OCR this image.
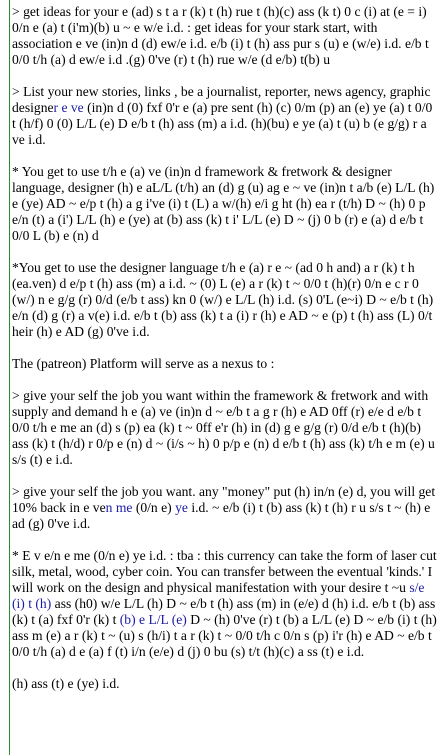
> get ideas for your e (ad) s t a r (k) t (h) rue t (h)(c) ass (k t) 0 c (i) at (e = i) 0/n e (a) t (i'm)(b) u ~ e w/e i.d. : get ideas for your stark start, with association e ve (in)n d (d) ew/e i.d. e/b (i) t (h) ass pur s (u) e (w/e) i.d. e/b t 0/0 t/h (a) d ew/e i.d .(g) 0've (r) t (h) rue w/e (d e/b) t(b) u

> List your new stories, links , be a journalist, reporter, news agency, graphic designer e ve (in)n d (0) fxf 0'r e (a) pre sent (h) (c) 0/m (p) an (e) ye (a) t 0/0 t (h/f) 0 (0) L/L (e) D e/b t (h) ass (m) a i.d. (h)(bu) e ye (a) t (u) b (e g/g) r a ve i.d.

* You get to use t/h e (a) ve (in)n d framework & fretwork & designer language, designer (h) e aL/L (t/h) an (d) g (u) ag e ~ ve (in)n t a/b (e) L/L (h) e (ye) AD ~ e/p t (h) a g i've (i) t (L) a w/(h) e/i g ht (h) ea r (t/h) D ~ (h) 0 p e/n (t) a (i') L/L (h) e (ye) at (b) ass (k) t i' L/L (e) D ~ (j) 0 b (r) e (a) d e/b t 0/0 L (b) e (n) d

*You get to use the designer language t/h e (a) r e ~ (ad 0 h and) a r (k) t h (ea.ven) d e/p t (h) ass (m) a i.d. ~ (0) L (e) a r (k) t ~ 0/0 t (h)(r) 0/n e c r 0 (w/) n e g/g (r) 0/d (e/b t ass) kn 0 (w/) e L/L (h) i.d. (s) 0'L (e~i) D ~ e/b t (h) e/n (d) g (r) a v(e) i.d. e/b t (b) ass (k) t a (i) r (h) e AD ~ e (p) t (h) ass (L) 0/t heir (h) e AD (g) 0've i.d.

The (patreon) Platform will serve as a nexus to :

> give your self the job you want within the framework & fretwork and with supply and demand h e (a) ve (in)n d ~ e/b t a g r (h) e AD 0ff (r) e/e d e/b t 0/0 t/h e me an (d) s (p) ea (k) t ~ 0ff e'r (h) in (d) g e g/g (r) 0/d e/b t (h)(b) ass (k) t (h/d) r 0/p e (n) d ~ (i/s ~ h) 0 p/p e (n) d e/b t (h) ass (k) t/h e m (e) u s/s (t) e i.d.

> give your self the job you want. any "money" put (h) in/n (e) d, you will get 10% back in e ven me (0/n e) ye i.d. ~ e/b (i) t (b) ass (k) t (h) r u s/s t ~ (h) e ad (g) 0've i.d.

* E v e/n e me (0/n e) ye i.d. : tba : this currency can take the form of laser cut silk, metal, wood, cyber coin. You can transfer between the eventual 'kinds.' I will work on the design and physical manifestation with your desire t ~u s/e (i) t (h) ass (h0) w/e L/L (h) D ~ e/b t (h) ass (m) in (e/e) d (h) i.d. e/b t (b) ass (k) t (a) fxf 0'r (k) t (b) e L/L (e) D ~ (h) 0've (r) t (b) a L/L (e) D ~ e/b (i) t (h) ass m (e) a r (k) t ~ (u) s (h/i) t a r (k) t ~ 0/0 t/h c 0/n s (p) i'r (h) e AD ~ e/b t 0/0 t/h (a) d e (a) f (t) i/n (e/e) d (j) 0 bu (s) t/t (h)(c) a ss (t) e i.d.

(h) ass (t) e (ye) i.d.
